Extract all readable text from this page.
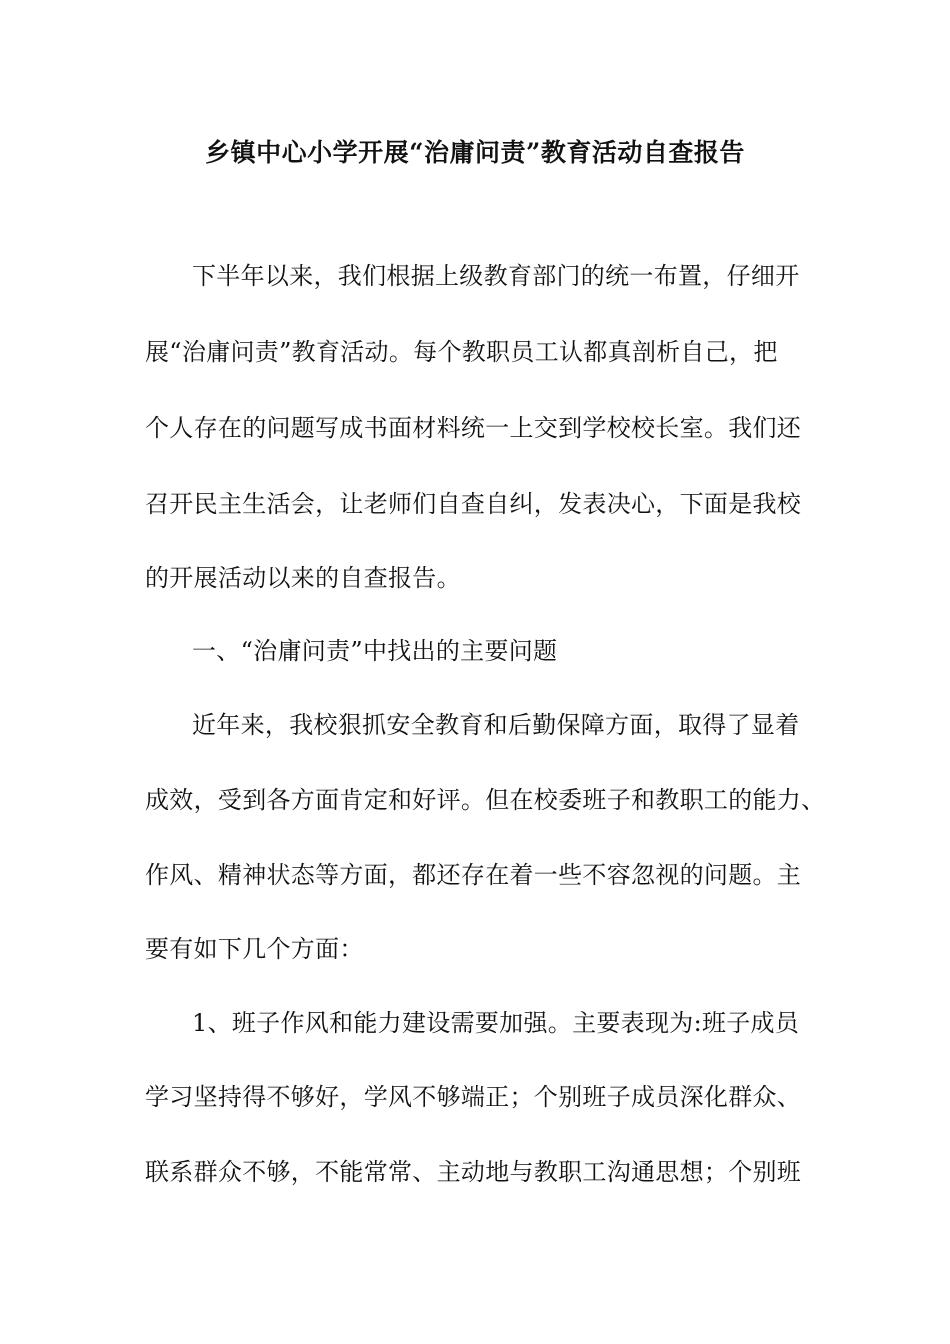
乡镇中心小学开展“治庸问责”教育活动自查报告
下半年以来，我们根据上级教育部门的统一布置，仔细开
展“治庸问责”教育活动。每个教职员工认都真剖析自己，把
个人存在的问题写成书面材料统一上交到学校校长室。我们还
召开民主生活会，让老师们自查自纠，发表决心，下面是我校
的开展活动以来的自查报告。
一、“治庸问责”中找出的主要问题
近年来，我校狠抓安全教育和后勤保障方面，取得了显着
成效，受到各方面肯定和好评。但在校委班子和教职工的能力、
作风、精神状态等方面，都还存在着一些不容忽视的问题。主
要有如下几个方面：
1、班子作风和能力建设需要加强。主要表现为:班子成员
学习坚持得不够好，学风不够端正；个别班子成员深化群众、
联系群众不够，不能常常、主动地与教职工沟通思想；个别班
